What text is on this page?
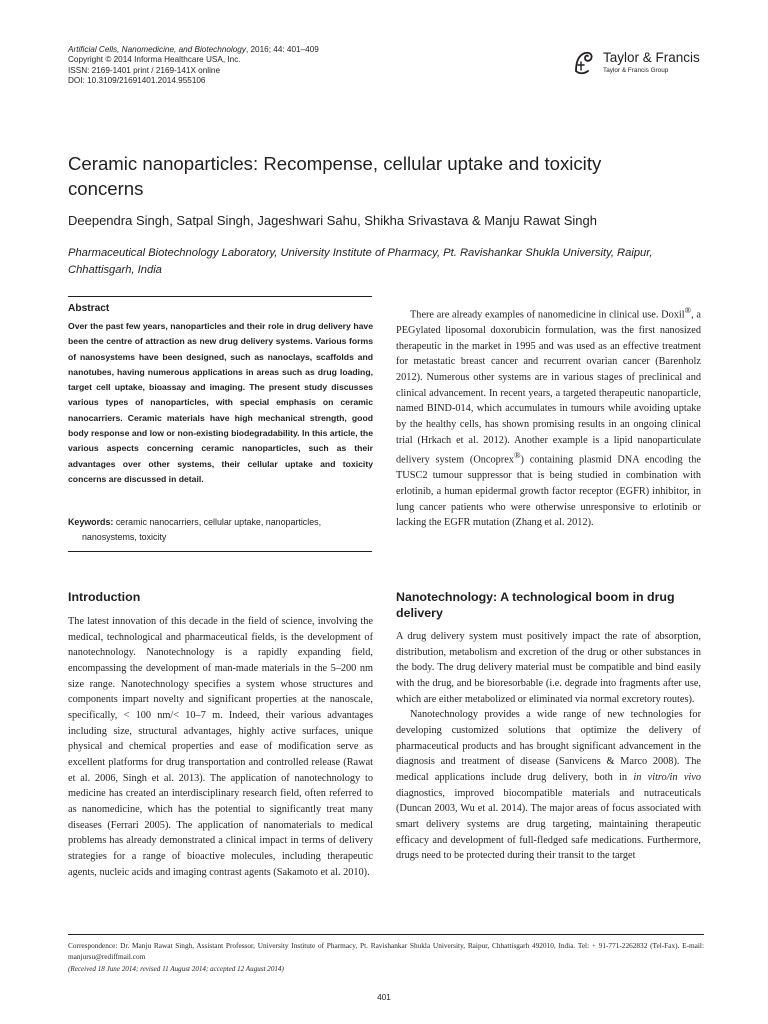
Artificial Cells, Nanomedicine, and Biotechnology, 2016; 44: 401–409
Copyright © 2014 Informa Healthcare USA, Inc.
ISSN: 2169-1401 print / 2169-141X online
DOI: 10.3109/21691401.2014.955106
Taylor & Francis
Taylor & Francis Group
Ceramic nanoparticles: Recompense, cellular uptake and toxicity concerns
Deependra Singh, Satpal Singh, Jageshwari Sahu, Shikha Srivastava & Manju Rawat Singh
Pharmaceutical Biotechnology Laboratory, University Institute of Pharmacy, Pt. Ravishankar Shukla University, Raipur, Chhattisgarh, India
Abstract
Over the past few years, nanoparticles and their role in drug delivery have been the centre of attraction as new drug delivery systems. Various forms of nanosystems have been designed, such as nanoclays, scaffolds and nanotubes, having numerous applications in areas such as drug loading, target cell uptake, bioassay and imaging. The present study discusses various types of nanoparticles, with special emphasis on ceramic nanocarriers. Ceramic materials have high mechanical strength, good body response and low or non-existing biodegradability. In this article, the various aspects concerning ceramic nanoparticles, such as their advantages over other systems, their cellular uptake and toxicity concerns are discussed in detail.
Keywords: ceramic nanocarriers, cellular uptake, nanoparticles,
nanosystems, toxicity
Introduction

The latest innovation of this decade in the field of science, involving the medical, technological and pharmaceutical fields, is the development of nanotechnology. Nanotechnology is a rapidly expanding field, encompassing the development of man-made materials in the 5–200 nm size range. Nanotechnology specifies a system whose structures and components impart novelty and significant properties at the nanoscale, specifically, < 100 nm/< 10–7 m. Indeed, their various advantages including size, structural advantages, highly active surfaces, unique physical and chemical properties and ease of modification serve as excellent platforms for drug transportation and controlled release (Rawat et al. 2006, Singh et al. 2013). The application of nanotechnology to medicine has created an interdisciplinary research field, often referred to as nanomedicine, which has the potential to significantly treat many diseases (Ferrari 2005). The application of nanomaterials to medical problems has already demonstrated a clinical impact in terms of delivery strategies for a range of bioactive molecules, including therapeutic agents, nucleic acids and imaging contrast agents (Sakamoto et al. 2010).

There are already examples of nanomedicine in clinical use. Doxil®, a PEGylated liposomal doxorubicin formulation, was the first nanosized therapeutic in the market in 1995 and was used as an effective treatment for metastatic breast cancer and recurrent ovarian cancer (Barenholz 2012). Numerous other systems are in various stages of preclinical and clinical advancement. In recent years, a targeted therapeutic nanoparticle, named BIND-014, which accumulates in tumours while avoiding uptake by the healthy cells, has shown promising results in an ongoing clinical trial (Hrkach et al. 2012). Another example is a lipid nanoparticulate delivery system (Oncoprex®) containing plasmid DNA encoding the TUSC2 tumour suppressor that is being studied in combination with erlotinib, a human epidermal growth factor receptor (EGFR) inhibitor, in lung cancer patients who were otherwise unresponsive to erlotinib or lacking the EGFR mutation (Zhang et al. 2012).

Nanotechnology: A technological boom in drug delivery

A drug delivery system must positively impact the rate of absorption, distribution, metabolism and excretion of the drug or other substances in the body. The drug delivery material must be compatible and bind easily with the drug, and be bioresorbable (i.e. degrade into fragments after use, which are either metabolized or eliminated via normal excretory routes).

Nanotechnology provides a wide range of new technologies for developing customized solutions that optimize the delivery of pharmaceutical products and has brought significant advancement in the diagnosis and treatment of disease (Sanvicens & Marco 2008). The medical applications include drug delivery, both in in vitro/in vivo diagnostics, improved biocompatible materials and nutraceuticals (Duncan 2003, Wu et al. 2014). The major areas of focus associated with smart delivery systems are drug targeting, maintaining therapeutic efficacy and development of full-fledged safe medications. Furthermore, drugs need to be protected during their transit to the target

Correspondence: Dr. Manju Rawat Singh, Assistant Professor, University Institute of Pharmacy, Pt. Ravishankar Shukla University, Raipur, Chhattisgarh 492010, India. Tel: + 91-771-2262832 (Tel-Fax). E-mail: manjursu@rediffmail.com
(Received 18 June 2014; revised 11 August 2014; accepted 12 August 2014)
401
